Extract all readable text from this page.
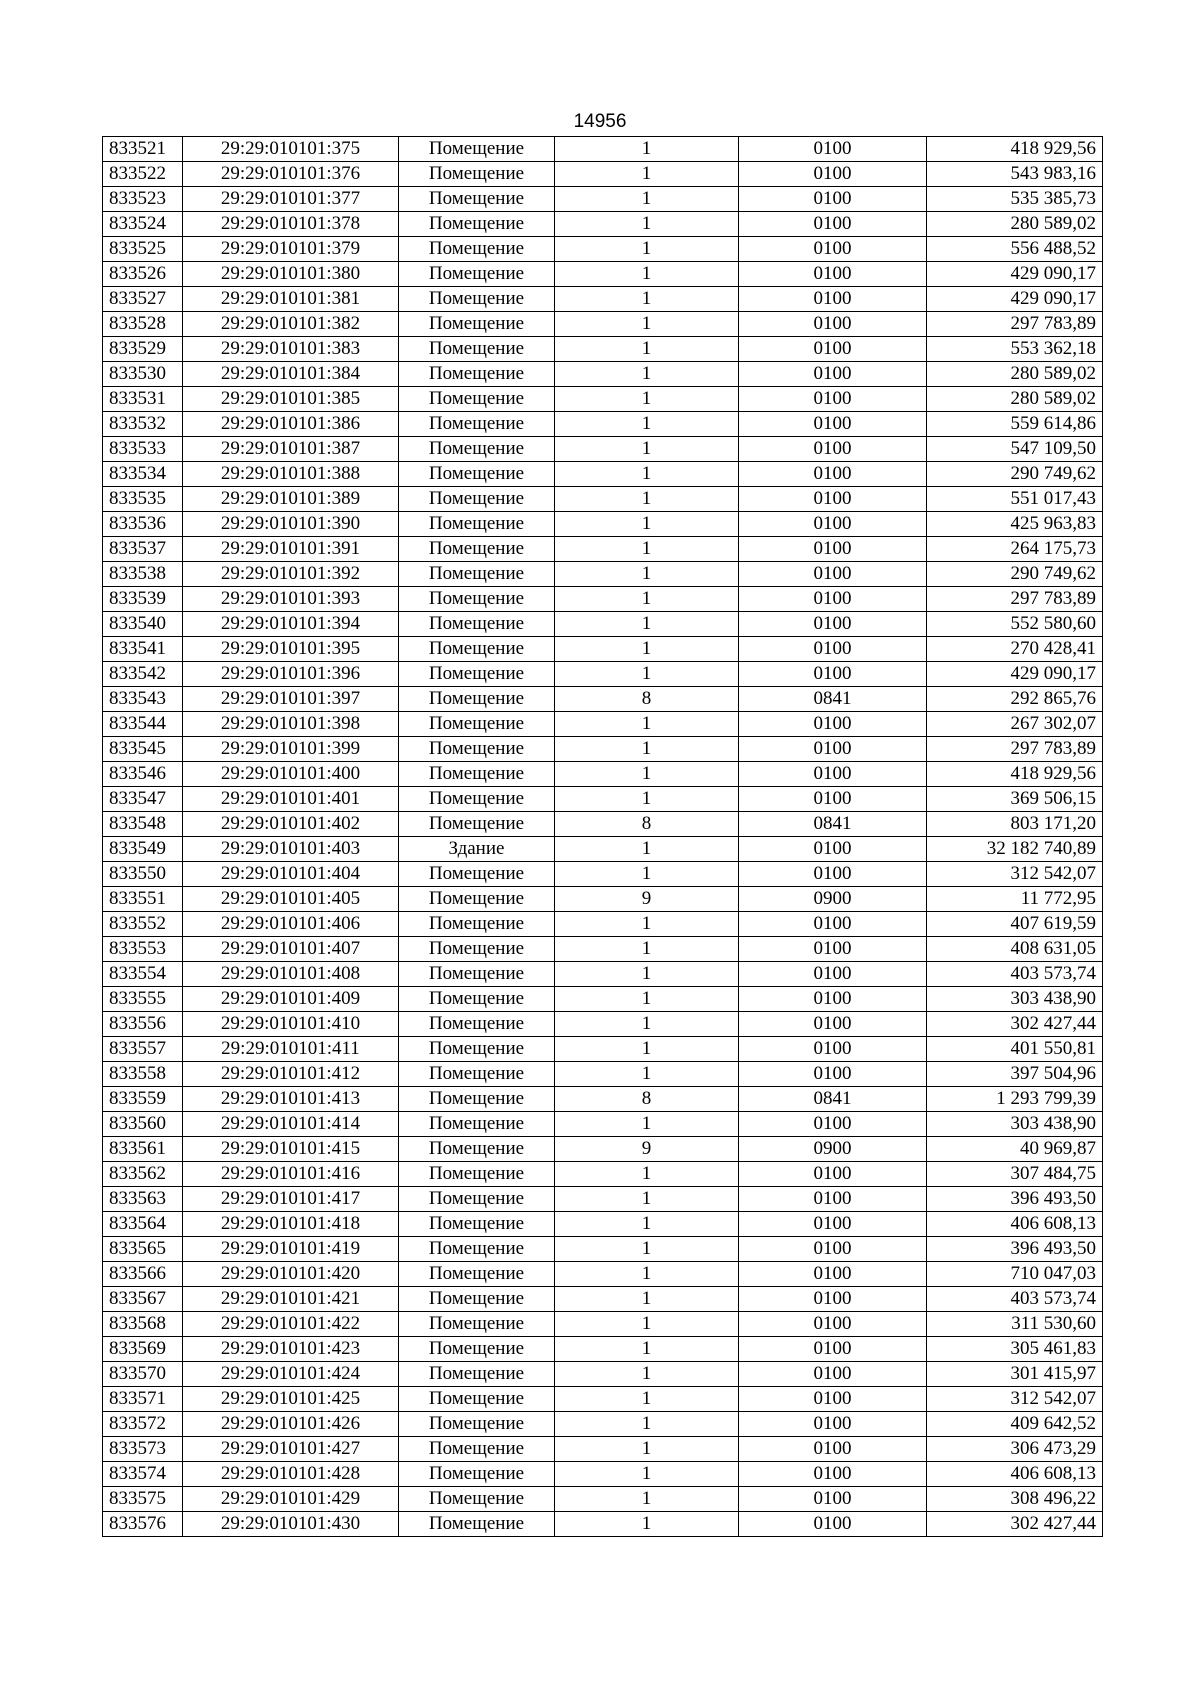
14956
833521	29:29:010101:375	Помещение	1	0100	418 929,56
833522	29:29:010101:376	Помещение	1	0100	543 983,16
833523	29:29:010101:377	Помещение	1	0100	535 385,73
833524	29:29:010101:378	Помещение	1	0100	280 589,02
833525	29:29:010101:379	Помещение	1	0100	556 488,52
833526	29:29:010101:380	Помещение	1	0100	429 090,17
833527	29:29:010101:381	Помещение	1	0100	429 090,17
833528	29:29:010101:382	Помещение	1	0100	297 783,89
833529	29:29:010101:383	Помещение	1	0100	553 362,18
833530	29:29:010101:384	Помещение	1	0100	280 589,02
833531	29:29:010101:385	Помещение	1	0100	280 589,02
833532	29:29:010101:386	Помещение	1	0100	559 614,86
833533	29:29:010101:387	Помещение	1	0100	547 109,50
833534	29:29:010101:388	Помещение	1	0100	290 749,62
833535	29:29:010101:389	Помещение	1	0100	551 017,43
833536	29:29:010101:390	Помещение	1	0100	425 963,83
833537	29:29:010101:391	Помещение	1	0100	264 175,73
833538	29:29:010101:392	Помещение	1	0100	290 749,62
833539	29:29:010101:393	Помещение	1	0100	297 783,89
833540	29:29:010101:394	Помещение	1	0100	552 580,60
833541	29:29:010101:395	Помещение	1	0100	270 428,41
833542	29:29:010101:396	Помещение	1	0100	429 090,17
833543	29:29:010101:397	Помещение	8	0841	292 865,76
833544	29:29:010101:398	Помещение	1	0100	267 302,07
833545	29:29:010101:399	Помещение	1	0100	297 783,89
833546	29:29:010101:400	Помещение	1	0100	418 929,56
833547	29:29:010101:401	Помещение	1	0100	369 506,15
833548	29:29:010101:402	Помещение	8	0841	803 171,20
833549	29:29:010101:403	Здание	1	0100	32 182 740,89
833550	29:29:010101:404	Помещение	1	0100	312 542,07
833551	29:29:010101:405	Помещение	9	0900	11 772,95
833552	29:29:010101:406	Помещение	1	0100	407 619,59
833553	29:29:010101:407	Помещение	1	0100	408 631,05
833554	29:29:010101:408	Помещение	1	0100	403 573,74
833555	29:29:010101:409	Помещение	1	0100	303 438,90
833556	29:29:010101:410	Помещение	1	0100	302 427,44
833557	29:29:010101:411	Помещение	1	0100	401 550,81
833558	29:29:010101:412	Помещение	1	0100	397 504,96
833559	29:29:010101:413	Помещение	8	0841	1 293 799,39
833560	29:29:010101:414	Помещение	1	0100	303 438,90
833561	29:29:010101:415	Помещение	9	0900	40 969,87
833562	29:29:010101:416	Помещение	1	0100	307 484,75
833563	29:29:010101:417	Помещение	1	0100	396 493,50
833564	29:29:010101:418	Помещение	1	0100	406 608,13
833565	29:29:010101:419	Помещение	1	0100	396 493,50
833566	29:29:010101:420	Помещение	1	0100	710 047,03
833567	29:29:010101:421	Помещение	1	0100	403 573,74
833568	29:29:010101:422	Помещение	1	0100	311 530,60
833569	29:29:010101:423	Помещение	1	0100	305 461,83
833570	29:29:010101:424	Помещение	1	0100	301 415,97
833571	29:29:010101:425	Помещение	1	0100	312 542,07
833572	29:29:010101:426	Помещение	1	0100	409 642,52
833573	29:29:010101:427	Помещение	1	0100	306 473,29
833574	29:29:010101:428	Помещение	1	0100	406 608,13
833575	29:29:010101:429	Помещение	1	0100	308 496,22
833576	29:29:010101:430	Помещение	1	0100	302 427,44
